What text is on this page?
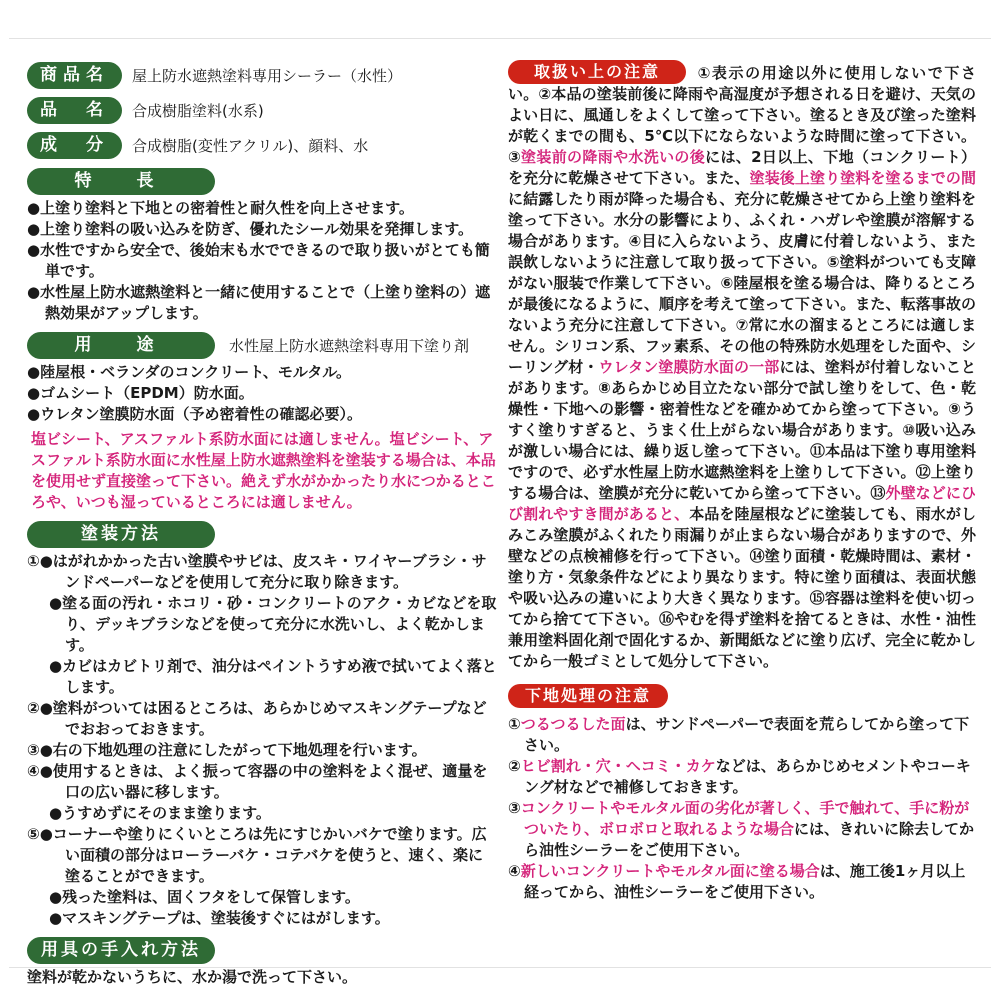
商品名	屋上防水遮熱塗料専用シーラー（水性）
品　名	合成樹脂塗料(水系)
成　分	合成樹脂(変性アクリル)、顔料、水
特　長

●上塗り塗料と下地との密着性と耐久性を向上させます。

●上塗り塗料の吸い込みを防ぎ、優れたシール効果を発揮します。

●水性ですから安全で、後始末も水でできるので取り扱いがとても簡単です。

●水性屋上防水遮熱塗料と一緒に使用することで（上塗り塗料の）遮熱効果がアップします。

用　途	水性屋上防水遮熱塗料専用下塗り剤

●陸屋根・ベランダのコンクリート、モルタル。

●ゴムシート（EPDM）防水面。

●ウレタン塗膜防水面（予め密着性の確認必要）。

塩ビシート、アスファルト系防水面には適しません。塩ビシート、アスファルト系防水面に水性屋上防水遮熱塗料を塗装する場合は、本品を使用せず直接塗って下さい。絶えず水がかかったり水につかるところや、いつも湿っているところには適しません。

塗装方法

①●はがれかかった古い塗膜やサビは、皮スキ・ワイヤーブラシ・サンドペーパーなどを使用して充分に取り除きます。

●塗る面の汚れ・ホコリ・砂・コンクリートのアク・カビなどを取り、デッキブラシなどを使って充分に水洗いし、よく乾かします。

●カビはカビトリ剤で、油分はペイントうすめ液で拭いてよく落とします。

②●塗料がついては困るところは、あらかじめマスキングテープなどでおおっておきます。

③●右の下地処理の注意にしたがって下地処理を行います。

④●使用するときは、よく振って容器の中の塗料をよく混ぜ、適量を口の広い器に移します。

●うすめずにそのまま塗ります。

⑤●コーナーや塗りにくいところは先にすじかいバケで塗ります。広い面積の部分はローラーバケ・コテバケを使うと、速く、楽に塗ることができます。

●残った塗料は、固くフタをして保管します。

●マスキングテープは、塗装後すぐにはがします。

用具の手入れ方法

塗料が乾かないうちに、水か湯で洗って下さい。

取扱い上の注意 ①表示の用途以外に使用しないで下さい。②本品の塗装前後に降雨や高湿度が予想される日を避け、天気のよい日に、風通しをよくして塗って下さい。塗るとき及び塗った塗料が乾くまでの間も、5℃以下にならないような時間に塗って下さい。③塗装前の降雨や水洗いの後には、2日以上、下地（コンクリート）を充分に乾燥させて下さい。また、塗装後上塗り塗料を塗るまでの間に結露したり雨が降った場合も、充分に乾燥させてから上塗り塗料を塗って下さい。水分の影響により、ふくれ・ハガレや塗膜が溶解する場合があります。④目に入らないよう、皮膚に付着しないよう、また誤飲しないように注意して取り扱って下さい。⑤塗料がついても支障がない服装で作業して下さい。⑥陸屋根を塗る場合は、降りるところが最後になるように、順序を考えて塗って下さい。また、転落事故のないよう充分に注意して下さい。⑦常に水の溜まるところには適しません。シリコン系、フッ素系、その他の特殊防水処理をした面や、シーリング材・ウレタン塗膜防水面の一部には、塗料が付着しないことがあります。⑧あらかじめ目立たない部分で試し塗りをして、色・乾燥性・下地への影響・密着性などを確かめてから塗って下さい。⑨うすく塗りすぎると、うまく仕上がらない場合があります。⑩吸い込みが激しい場合には、繰り返し塗って下さい。⑪本品は下塗り専用塗料ですので、必ず水性屋上防水遮熱塗料を上塗りして下さい。⑫上塗りする場合は、塗膜が充分に乾いてから塗って下さい。⑬外壁などにひび割れやすき間があると、本品を陸屋根などに塗装しても、雨水がしみこみ塗膜がふくれたり雨漏りが止まらない場合がありますので、外壁などの点検補修を行って下さい。⑭塗り面積・乾燥時間は、素材・塗り方・気象条件などにより異なります。特に塗り面積は、表面状態や吸い込みの違いにより大きく異なります。⑮容器は塗料を使い切ってから捨てて下さい。⑯やむを得ず塗料を捨てるときは、水性・油性兼用塗料固化剤で固化するか、新聞紙などに塗り広げ、完全に乾かしてから一般ゴミとして処分して下さい。

下地処理の注意

①つるつるした面は、サンドペーパーで表面を荒らしてから塗って下さい。

②ヒビ割れ・穴・ヘコミ・カケなどは、あらかじめセメントやコーキング材などで補修しておきます。

③コンクリートやモルタル面の劣化が著しく、手で触れて、手に粉がついたり、ボロボロと取れるような場合には、きれいに除去してから油性シーラーをご使用下さい。

④新しいコンクリートやモルタル面に塗る場合は、施工後1ヶ月以上経ってから、油性シーラーをご使用下さい。
